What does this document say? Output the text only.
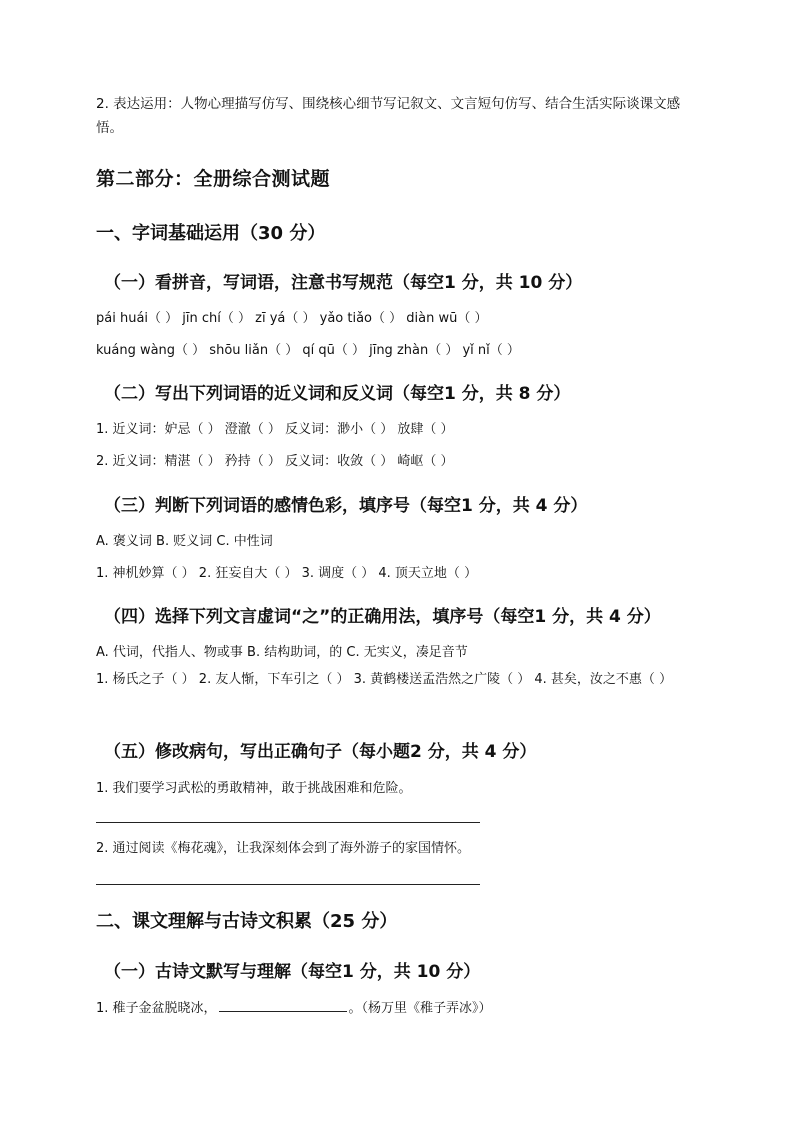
2. 表达运用：人物心理描写仿写、围绕核心细节写记叙文、文言短句仿写、结合生活实际谈课文感悟。

第二部分：全册综合测试题
一、字词基础运用（30 分）
（一）看拼音，写词语，注意书写规范（每空1 分，共 10 分）
pái huái（ ） jīn chí（ ） zī yá（ ） yǎo tiǎo（ ） diàn wū（ ）
kuáng wàng（ ） shōu liǎn（ ） qí qū（ ） jīng zhàn（ ） yǐ nǐ（ ）
（二）写出下列词语的近义词和反义词（每空1 分，共 8 分）
1. 近义词：妒忌（ ） 澄澈（ ） 反义词：渺小（ ） 放肆（ ）
2. 近义词：精湛（ ） 矜持（ ） 反义词：收敛（ ） 崎岖（ ）
（三）判断下列词语的感情色彩，填序号（每空1 分，共 4 分）
A. 褒义词 B. 贬义词 C. 中性词
1. 神机妙算（ ） 2. 狂妄自大（ ） 3. 调度（ ） 4. 顶天立地（ ）
（四）选择下列文言虚词“之”的正确用法，填序号（每空1 分，共 4 分）
A. 代词，代指人、物或事 B. 结构助词，的 C. 无实义，凑足音节
1. 杨氏之子（ ） 2. 友人惭，下车引之（ ） 3. 黄鹤楼送孟浩然之广陵（ ） 4. 甚矣，汝之不惠（ ）
（五）修改病句，写出正确句子（每小题2 分，共 4 分）
1. 我们要学习武松的勇敢精神，敢于挑战困难和危险。
2. 通过阅读《梅花魂》，让我深刻体会到了海外游子的家国情怀。
二、课文理解与古诗文积累（25 分）
（一）古诗文默写与理解（每空1 分，共 10 分）
1. 稚子金盆脱晓冰，	。（杨万里《稚子弄冰》）
